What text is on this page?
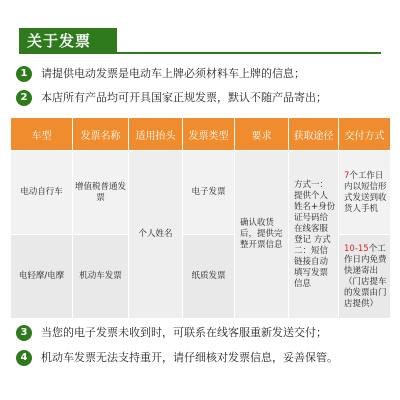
关于发票
1	请提供电动发票是电动车上牌必须材料车上牌的信息；
2	本店所有产品均可开具国家正规发票，默认不随产品寄出；
车型	发票名称	适用抬头	发票类型	要求	获取途径	交付方式
电动自行车	增值税普通发票	个人姓名	电子发票	确认收货后，提供完整开票信息	方式一：提供个人姓名+身份证号码给在线客服登记 方式二：短信链接自动填写发票信息	7个工作日内以短信形式发送到收货人手机
电轻摩/电摩	机动车发票		纸质发票			10-15个工作日内免费快递寄出（门店提车的发票由门店提供）
3	当您的电子发票未收到时，可联系在线客服重新发送交付；
4	机动车发票无法支持重开，请仔细核对发票信息，妥善保管。
